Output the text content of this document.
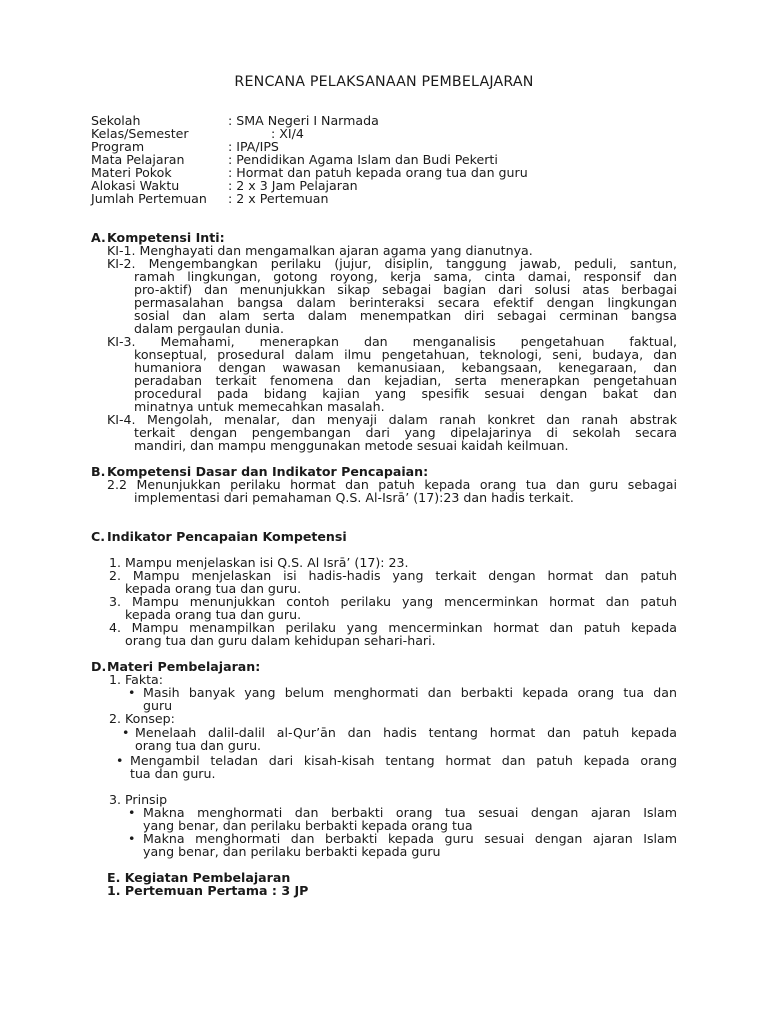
RENCANA PELAKSANAAN PEMBELAJARAN
Sekolah	: SMA Negeri I Narmada
Kelas/Semester	: XI/4
Program	: IPA/IPS
Mata Pelajaran	: Pendidikan Agama Islam dan Budi Pekerti
Materi Pokok	: Hormat dan patuh kepada orang tua dan guru
Alokasi Waktu	: 2 x 3 Jam Pelajaran
Jumlah Pertemuan : 2 x Pertemuan
A. Kompetensi Inti:
KI-1. Menghayati dan mengamalkan ajaran agama yang dianutnya.
KI-2. Mengembangkan perilaku (jujur, disiplin, tanggung jawab, peduli, santun,
ramah lingkungan, gotong royong, kerja sama, cinta damai, responsif dan
pro-aktif) dan menunjukkan sikap sebagai bagian dari solusi atas berbagai
permasalahan bangsa dalam berinteraksi secara efektif dengan lingkungan
sosial dan alam serta dalam menempatkan diri sebagai cerminan bangsa
dalam pergaulan dunia.
KI-3. Memahami, menerapkan dan menganalisis pengetahuan faktual,
konseptual, prosedural dalam ilmu pengetahuan, teknologi, seni, budaya, dan
humaniora dengan wawasan kemanusiaan, kebangsaan, kenegaraan, dan
peradaban terkait fenomena dan kejadian, serta menerapkan pengetahuan
procedural pada bidang kajian yang spesifik sesuai dengan bakat dan
minatnya untuk memecahkan masalah.
KI-4. Mengolah, menalar, dan menyaji dalam ranah konkret dan ranah abstrak
terkait dengan pengembangan dari yang dipelajarinya di sekolah secara
mandiri, dan mampu menggunakan metode sesuai kaidah keilmuan.
B. Kompetensi Dasar dan Indikator Pencapaian:
2.2 Menunjukkan perilaku hormat dan patuh kepada orang tua dan guru sebagai
implementasi dari pemahaman Q.S. Al-Isrā’ (17):23 dan hadis terkait.
C. Indikator Pencapaian Kompetensi
1. Mampu menjelaskan isi Q.S. Al Isrā’ (17): 23.
2. Mampu menjelaskan isi hadis-hadis yang terkait dengan hormat dan patuh
kepada orang tua dan guru.
3. Mampu menunjukkan contoh perilaku yang mencerminkan hormat dan patuh
kepada orang tua dan guru.
4. Mampu menampilkan perilaku yang mencerminkan hormat dan patuh kepada
orang tua dan guru dalam kehidupan sehari-hari.
D. Materi Pembelajaran:
1. Fakta:
• Masih banyak yang belum menghormati dan berbakti kepada orang tua dan
guru
2. Konsep:
• Menelaah dalil-dalil al-Qur’ān dan hadis tentang hormat dan patuh kepada
orang tua dan guru.
• Mengambil teladan dari kisah-kisah tentang hormat dan patuh kepada orang
tua dan guru.
3. Prinsip
• Makna menghormati dan berbakti orang tua sesuai dengan ajaran Islam
yang benar, dan perilaku berbakti kepada orang tua
• Makna menghormati dan berbakti kepada guru sesuai dengan ajaran Islam
yang benar, dan perilaku berbakti kepada guru
E. Kegiatan Pembelajaran
1. Pertemuan Pertama : 3 JP
